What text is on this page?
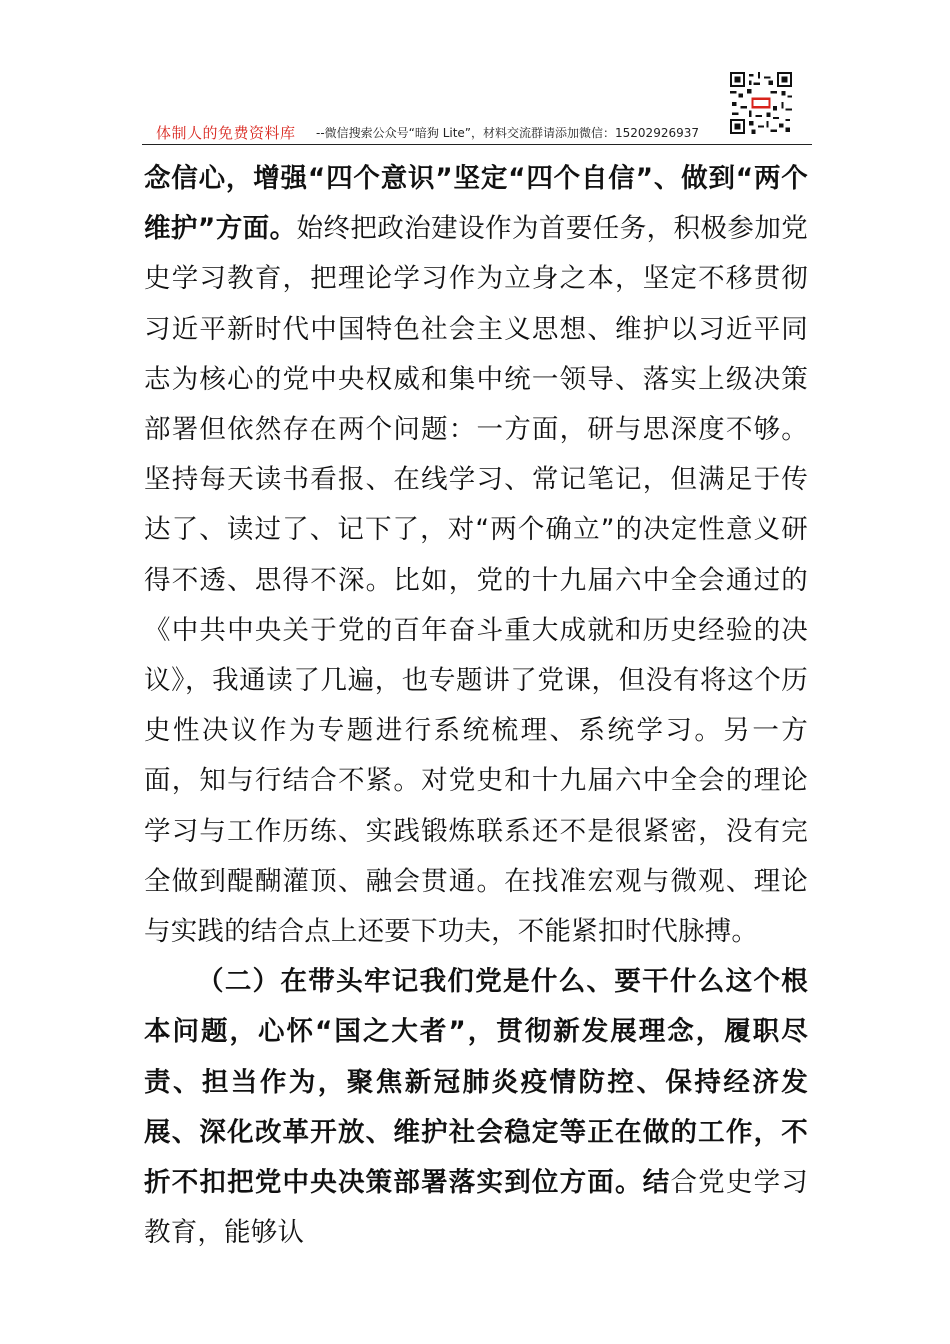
体制人的免费资料库 --微信搜索公众号“暗狗 Lite”，材料交流群请添加微信：15202926937

念信心，增强“四个意识”坚定“四个自信”、做到“两个维护”方面。始终把政治建设作为首要任务，积极参加党史学习教育，把理论学习作为立身之本，坚定不移贯彻习近平新时代中国特色社会主义思想、维护以习近平同志为核心的党中央权威和集中统一领导、落实上级决策部署但依然存在两个问题：一方面，研与思深度不够。坚持每天读书看报、在线学习、常记笔记，但满足于传达了、读过了、记下了，对“两个确立”的决定性意义研得不透、思得不深。比如，党的十九届六中全会通过的《中共中央关于党的百年奋斗重大成就和历史经验的决议》，我通读了几遍，也专题讲了党课，但没有将这个历史性决议作为专题进行系统梳理、系统学习。另一方面，知与行结合不紧。对党史和十九届六中全会的理论学习与工作历练、实践锻炼联系还不是很紧密，没有完全做到醍醐灌顶、融会贯通。在找准宏观与微观、理论与实践的结合点上还要下功夫，不能紧扣时代脉搏。

（二）在带头牢记我们党是什么、要干什么这个根本问题，心怀“国之大者”，贯彻新发展理念，履职尽责、担当作为，聚焦新冠肺炎疫情防控、保持经济发展、深化改革开放、维护社会稳定等正在做的工作，不折不扣把党中央决策部署落实到位方面。结合党史学习教育，能够认
